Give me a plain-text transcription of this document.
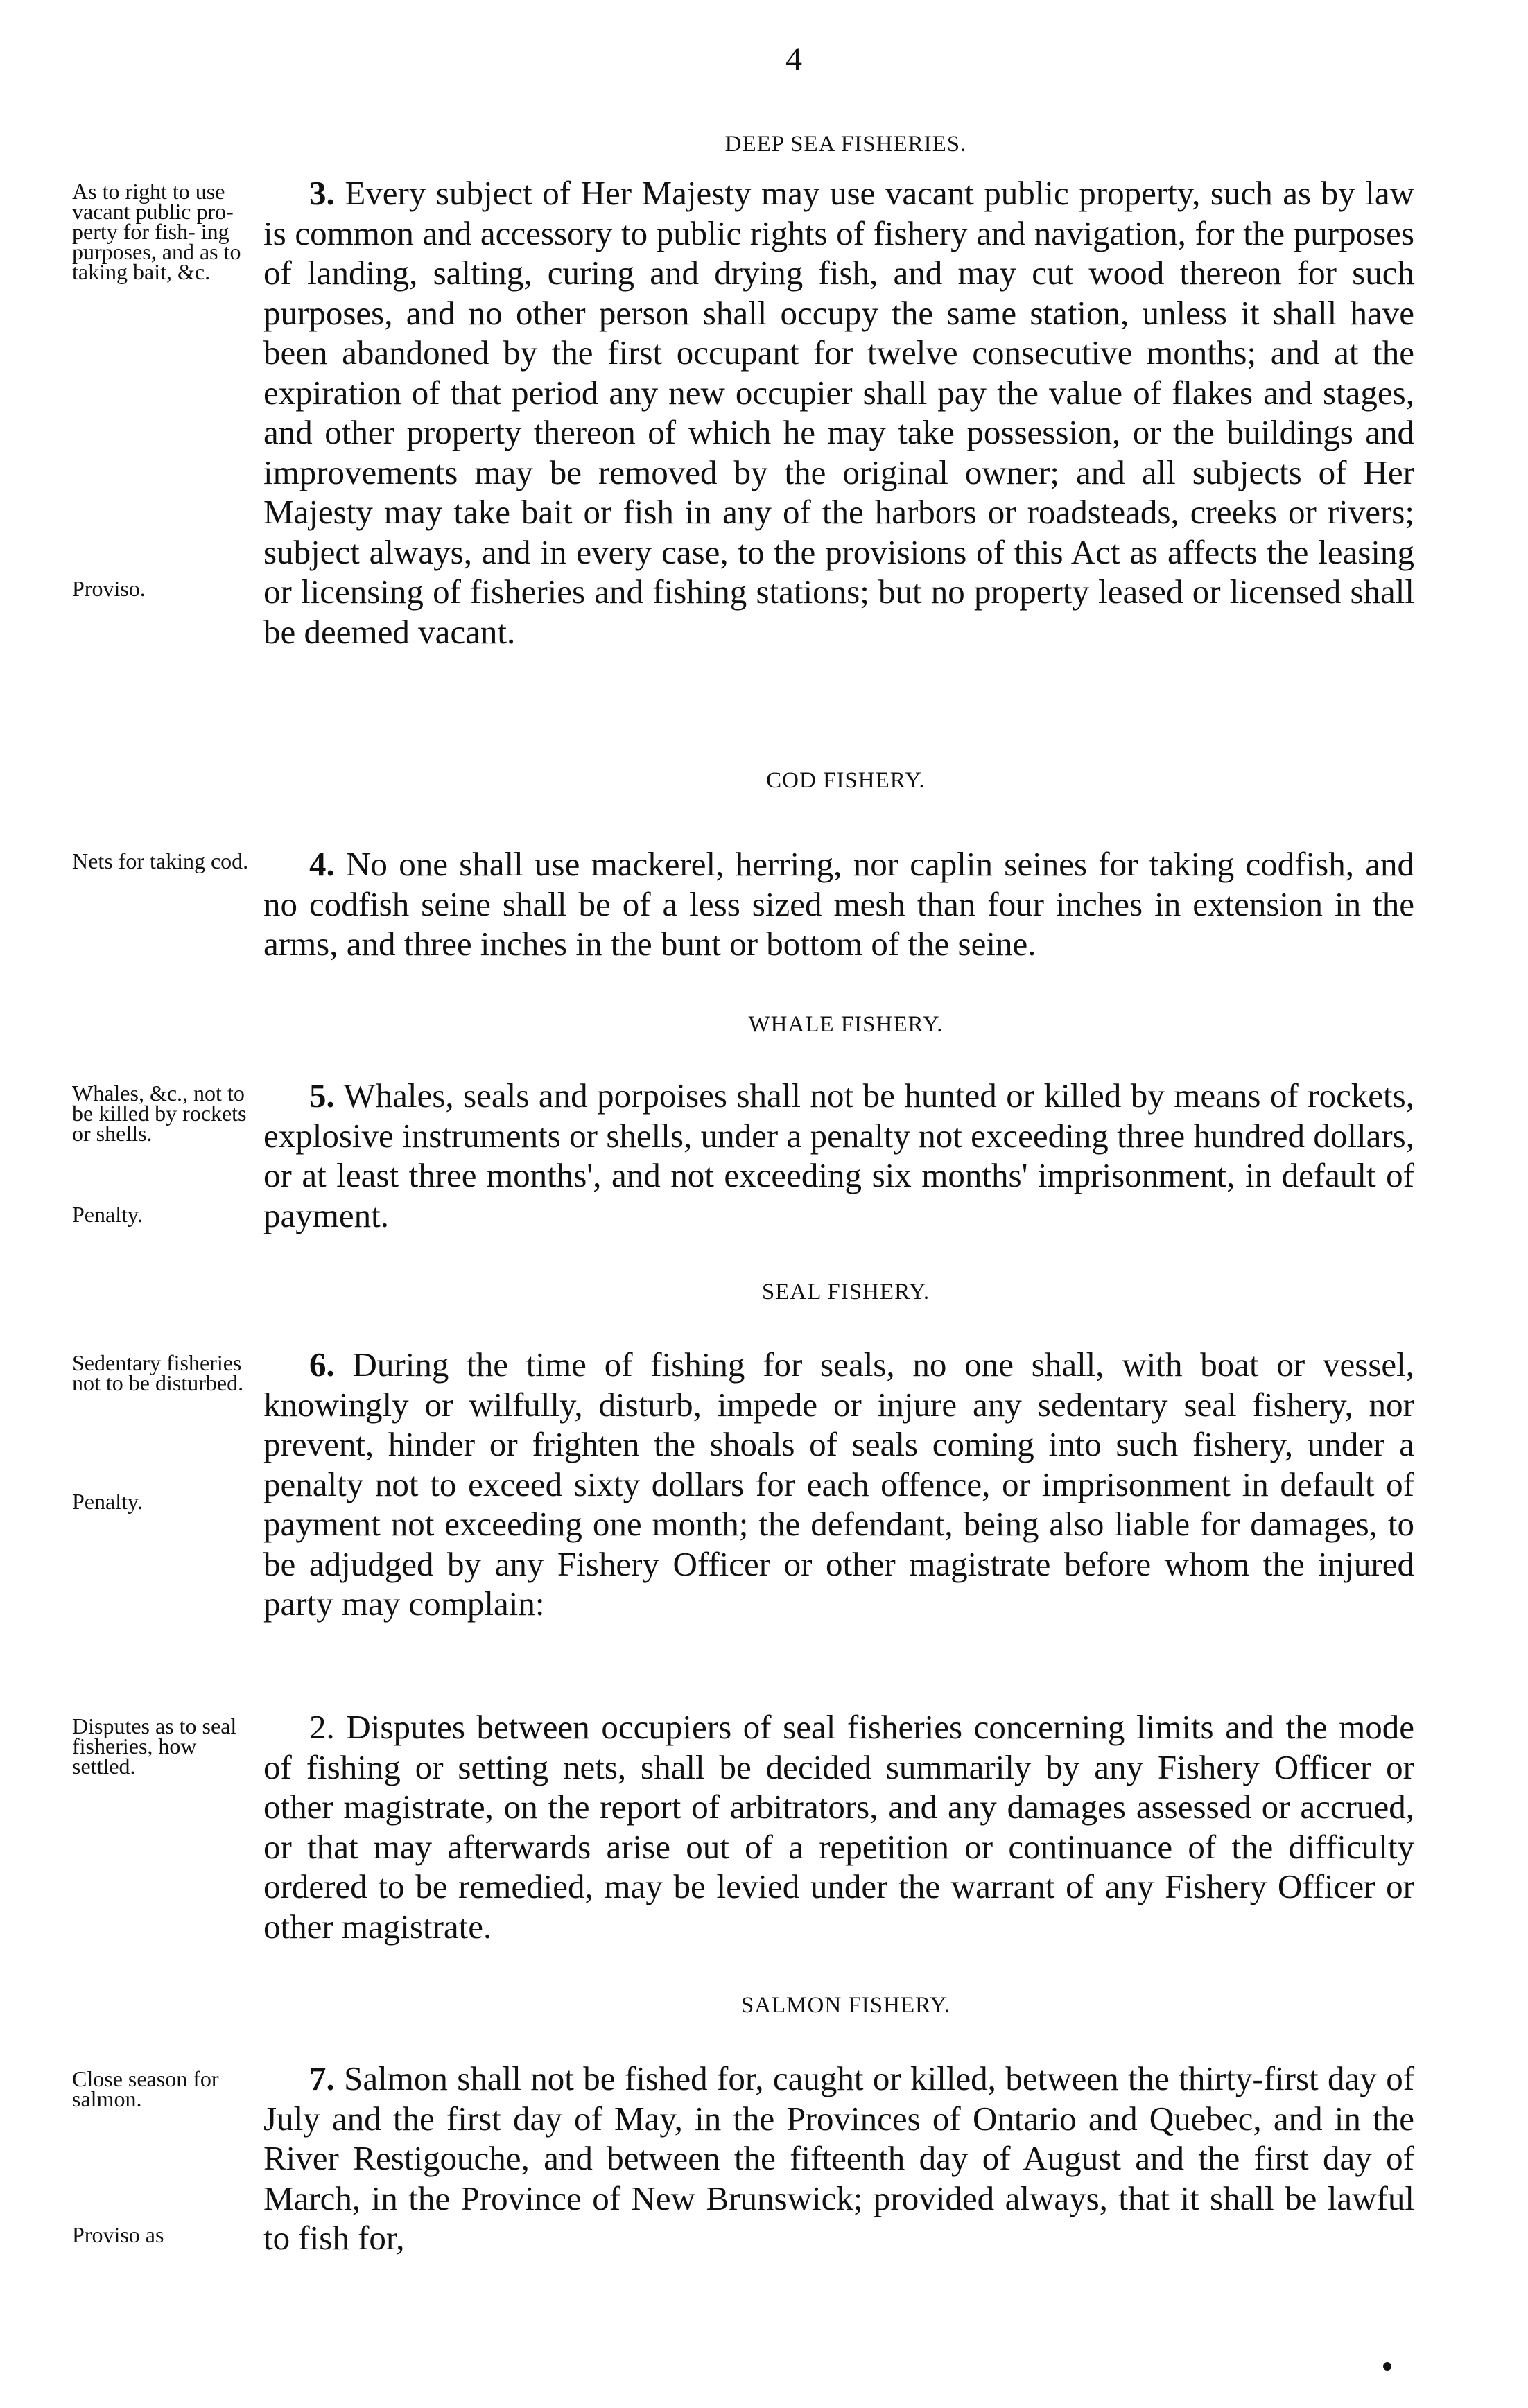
4
DEEP SEA FISHERIES.
As to right to use vacant public pro- perty for fish- ing purposes, and as to taking bait, &c.
Proviso.
3. Every subject of Her Majesty may use vacant public property, such as by law is common and accessory to public rights of fishery and navigation, for the purposes of landing, salting, curing and drying fish, and may cut wood thereon for such purposes, and no other person shall occupy the same station, unless it shall have been abandoned by the first occupant for twelve consecutive months; and at the expiration of that period any new occupier shall pay the value of flakes and stages, and other property thereon of which he may take possession, or the buildings and improvements may be removed by the original owner; and all subjects of Her Majesty may take bait or fish in any of the harbors or roadsteads, creeks or rivers; subject always, and in every case, to the provisions of this Act as affects the leasing or licensing of fisheries and fishing stations; but no property leased or licensed shall be deemed vacant.
COD FISHERY.
Nets for taking cod.	4. No one shall use mackerel, herring, nor caplin seines for taking codfish, and no codfish seine shall be of a less sized mesh than four inches in extension in the arms, and three inches in the bunt or bottom of the seine.
WHALE FISHERY.
Whales, &c., not to be killed by rockets or shells.
Penalty.
5. Whales, seals and porpoises shall not be hunted or killed by means of rockets, explosive instruments or shells, under a penalty not exceeding three hundred dollars, or at least three months', and not exceeding six months' imprisonment, in default of payment.
SEAL FISHERY.
Sedentary fisheries not to be disturbed.
Penalty.
6. During the time of fishing for seals, no one shall, with boat or vessel, knowingly or wilfully, disturb, impede or injure any sedentary seal fishery, nor prevent, hinder or frighten the shoals of seals coming into such fishery, under a penalty not to exceed sixty dollars for each offence, or imprisonment in default of payment not exceeding one month; the defendant, being also liable for damages, to be adjudged by any Fishery Officer or other magistrate before whom the injured party may complain:
Disputes as to seal fisheries, how settled.
2. Disputes between occupiers of seal fisheries concerning limits and the mode of fishing or setting nets, shall be decided summarily by any Fishery Officer or other magistrate, on the report of arbitrators, and any damages assessed or accrued, or that may afterwards arise out of a repetition or continuance of the difficulty ordered to be remedied, may be levied under the warrant of any Fishery Officer or other magistrate.
SALMON FISHERY.
Close season for salmon.
Proviso as
7. Salmon shall not be fished for, caught or killed, between the thirty-first day of July and the first day of May, in the Provinces of Ontario and Quebec, and in the River Restigouche, and between the fifteenth day of August and the first day of March, in the Province of New Brunswick; provided always, that it shall be lawful to fish for,
